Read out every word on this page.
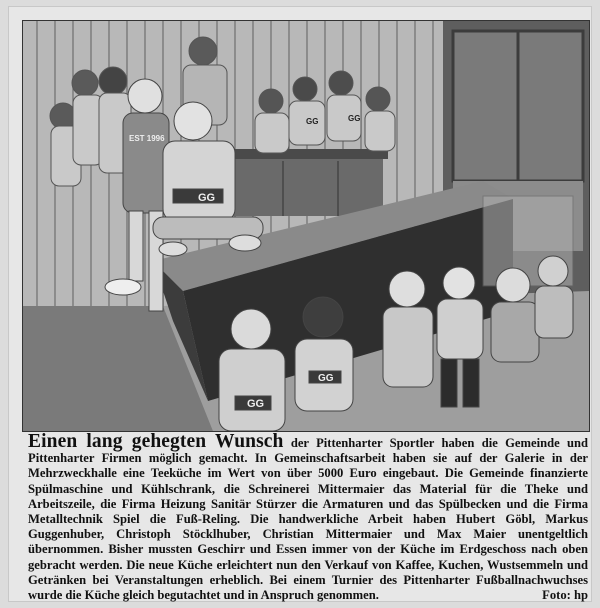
GG
GG
GG
GG	GG
EST 1996
Einen lang gehegten Wunsch der Pittenharter Sportler haben die Gemeinde und Pittenharter Firmen möglich gemacht. In Gemeinschaftsarbeit haben sie auf der Galerie in der Mehrzweckhalle eine Teeküche im Wert von über 5000 Euro eingebaut. Die Gemeinde finanzierte Spülmaschine und Kühlschrank, die Schreinerei Mittermaier das Material für die Theke und Arbeitszeile, die Firma Heizung Sanitär Stürzer die Armaturen und das Spülbecken und die Firma Metalltechnik Spiel die Fuß-Reling. Die handwerkliche Arbeit haben Hubert Göbl, Markus Guggenhuber, Christoph Stöcklhuber, Christian Mittermaier und Max Maier unentgeltlich übernommen. Bisher mussten Geschirr und Essen immer von der Küche im Erdgeschoss nach oben gebracht werden. Die neue Küche erleichtert nun den Verkauf von Kaffee, Kuchen, Wustsemmeln und Getränken bei Veranstaltungen erheblich. Bei einem Turnier des Pittenharter Fußballnachwuchses wurde die Küche gleich begutachtet und in Anspruch genommen.	Foto: hp
